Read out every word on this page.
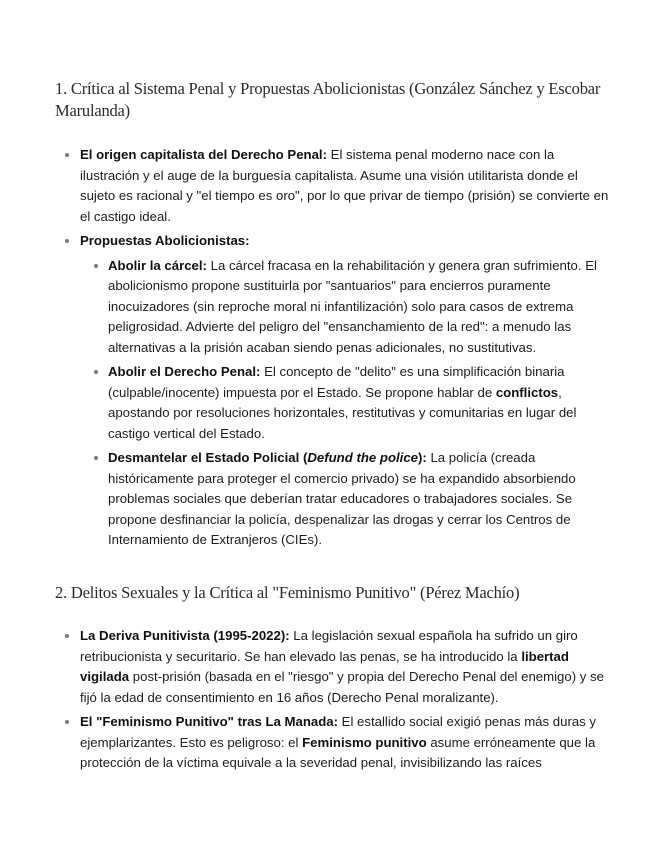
1. Crítica al Sistema Penal y Propuestas Abolicionistas (González Sánchez y Escobar Marulanda)
El origen capitalista del Derecho Penal: El sistema penal moderno nace con la ilustración y el auge de la burguesía capitalista. Asume una visión utilitarista donde el sujeto es racional y "el tiempo es oro", por lo que privar de tiempo (prisión) se convierte en el castigo ideal.
Propuestas Abolicionistas:
Abolir la cárcel: La cárcel fracasa en la rehabilitación y genera gran sufrimiento. El abolicionismo propone sustituirla por "santuarios" para encierros puramente inocuizadores (sin reproche moral ni infantilización) solo para casos de extrema peligrosidad. Advierte del peligro del "ensanchamiento de la red": a menudo las alternativas a la prisión acaban siendo penas adicionales, no sustitutivas.
Abolir el Derecho Penal: El concepto de "delito" es una simplificación binaria (culpable/inocente) impuesta por el Estado. Se propone hablar de conflictos, apostando por resoluciones horizontales, restitutivas y comunitarias en lugar del castigo vertical del Estado.
Desmantelar el Estado Policial (Defund the police): La policía (creada históricamente para proteger el comercio privado) se ha expandido absorbiendo problemas sociales que deberían tratar educadores o trabajadores sociales. Se propone desfinanciar la policía, despenalizar las drogas y cerrar los Centros de Internamiento de Extranjeros (CIEs).
2. Delitos Sexuales y la Crítica al "Feminismo Punitivo" (Pérez Machío)
La Deriva Punitivista (1995-2022): La legislación sexual española ha sufrido un giro retribucionista y securitario. Se han elevado las penas, se ha introducido la libertad vigilada post-prisión (basada en el "riesgo" y propia del Derecho Penal del enemigo) y se fijó la edad de consentimiento en 16 años (Derecho Penal moralizante).
El "Feminismo Punitivo" tras La Manada: El estallido social exigió penas más duras y ejemplarizantes. Esto es peligroso: el Feminismo punitivo asume erróneamente que la protección de la víctima equivale a la severidad penal, invisibilizando las raíces
